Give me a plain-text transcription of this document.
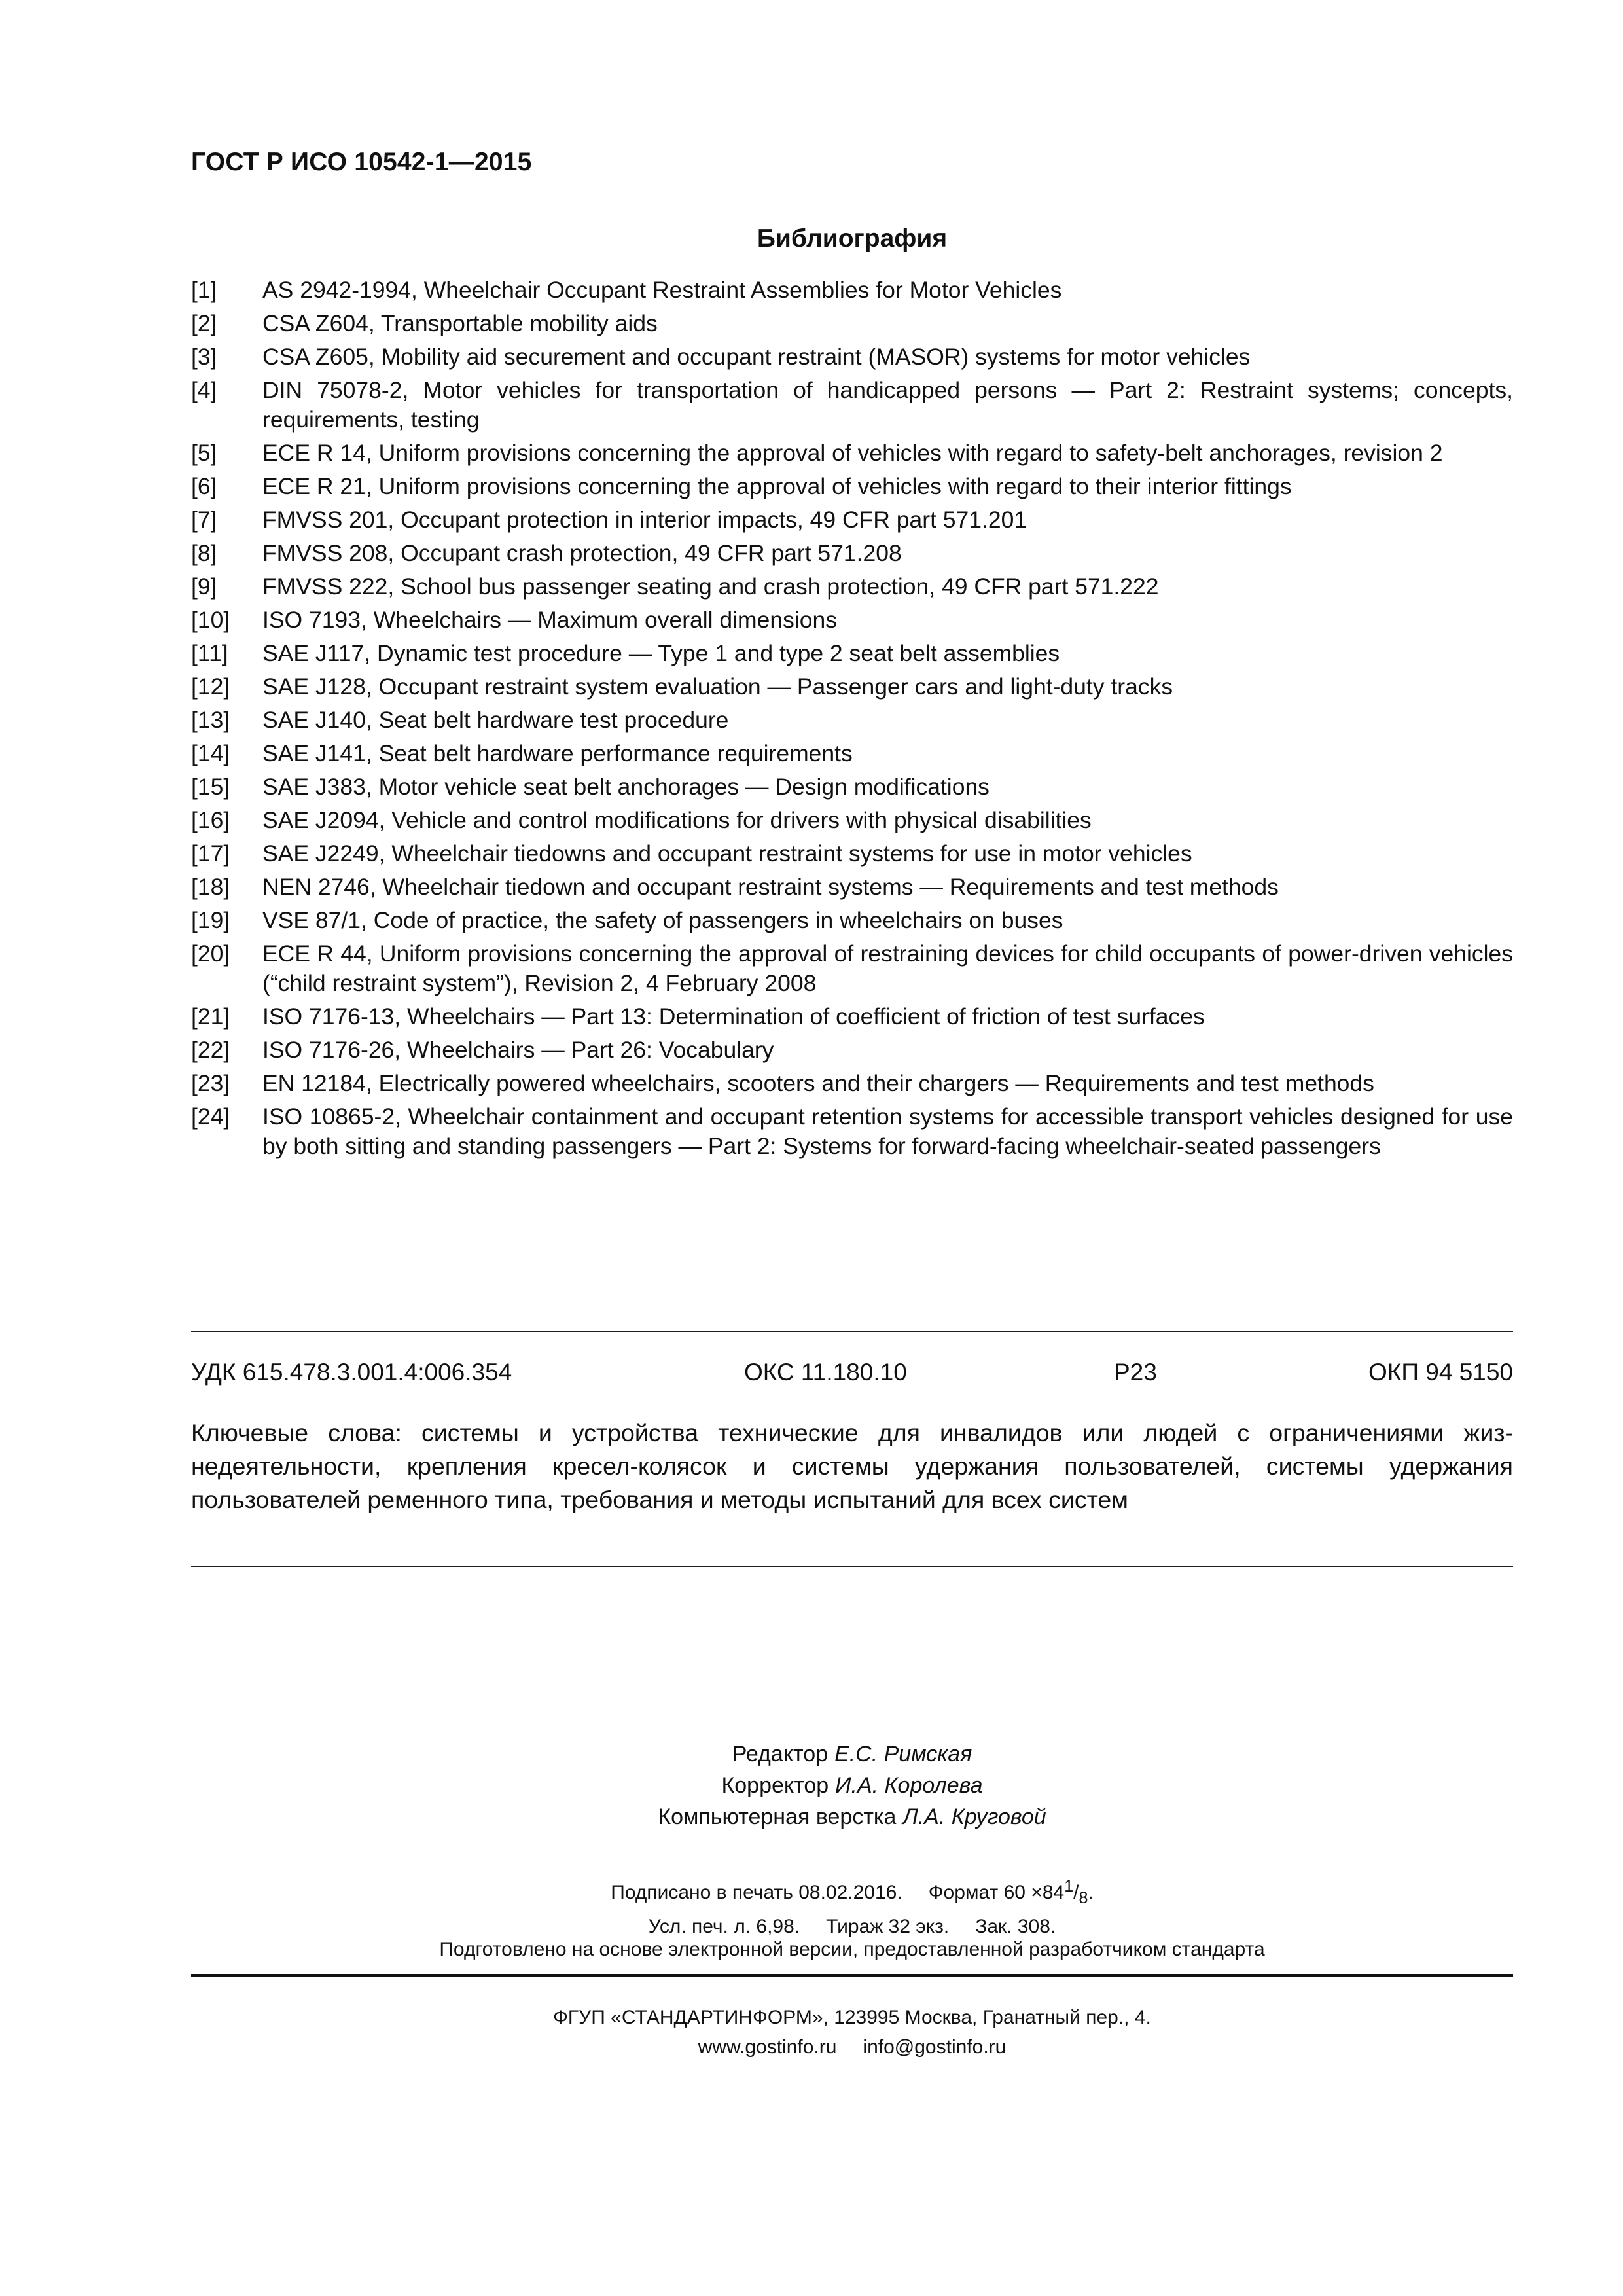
ГОСТ Р ИСО 10542-1—2015
Библиография
[1]	AS 2942-1994, Wheelchair Occupant Restraint Assemblies for Motor Vehicles
[2]	CSA Z604, Transportable mobility aids
[3]	CSA Z605, Mobility aid securement and occupant restraint (MASOR) systems for motor vehicles
[4]	DIN 75078-2, Motor vehicles for transportation of handicapped persons — Part 2: Restraint systems; concepts, requirements, testing
[5]	ECE R 14, Uniform provisions concerning the approval of vehicles with regard to safety-belt anchorages, revision 2
[6]	ECE R 21, Uniform provisions concerning the approval of vehicles with regard to their interior fittings
[7]	FMVSS 201, Occupant protection in interior impacts, 49 CFR part 571.201
[8]	FMVSS 208, Occupant crash protection, 49 CFR part 571.208
[9]	FMVSS 222, School bus passenger seating and crash protection, 49 CFR part 571.222
[10]	ISO 7193, Wheelchairs — Maximum overall dimensions
[11]	SAE J117, Dynamic test procedure — Type 1 and type 2 seat belt assemblies
[12]	SAE J128, Occupant restraint system evaluation — Passenger cars and light-duty tracks
[13]	SAE J140, Seat belt hardware test procedure
[14]	SAE J141, Seat belt hardware performance requirements
[15]	SAE J383, Motor vehicle seat belt anchorages — Design modifications
[16]	SAE J2094, Vehicle and control modifications for drivers with physical disabilities
[17]	SAE J2249, Wheelchair tiedowns and occupant restraint systems for use in motor vehicles
[18]	NEN 2746, Wheelchair tiedown and occupant restraint systems — Requirements and test methods
[19]	VSE 87/1, Code of practice, the safety of passengers in wheelchairs on buses
[20]	ECE R 44, Uniform provisions concerning the approval of restraining devices for child occupants of power-driven vehicles (“child restraint system”), Revision 2, 4 February 2008
[21]	ISO 7176-13, Wheelchairs — Part 13: Determination of coefficient of friction of test surfaces
[22]	ISO 7176-26, Wheelchairs — Part 26: Vocabulary
[23]	EN 12184, Electrically powered wheelchairs, scooters and their chargers — Requirements and test methods
[24]	ISO 10865-2, Wheelchair containment and occupant retention systems for accessible transport vehicles designed for use by both sitting and standing passengers — Part 2: Systems for forward-facing wheelchair-seated passengers
УДК 615.478.3.001.4:006.354	ОКС 11.180.10	Р23	ОКП 94 5150

Ключевые слова: системы и устройства технические для инвалидов или людей с ограничениями жиз- недеятельности, крепления кресел-колясок и системы удержания пользователей, системы удержания пользователей ременного типа, требования и методы испытаний для всех систем

Редактор Е.С. Римская
Корректор И.А. Королева
Компьютерная верстка Л.А. Круговой
Подписано в печать 08.02.2016. Формат $60 \times 84^1/_8$.
Усл. печ. л. 6,98. Тираж 32 экз. Зак. 308.
Подготовлено на основе электронной версии, предоставленной разработчиком стандарта
ФГУП «СТАНДАРТИНФОРМ», 123995 Москва, Гранатный пер., 4.
www.gostinfo.ru info@gostinfo.ru
